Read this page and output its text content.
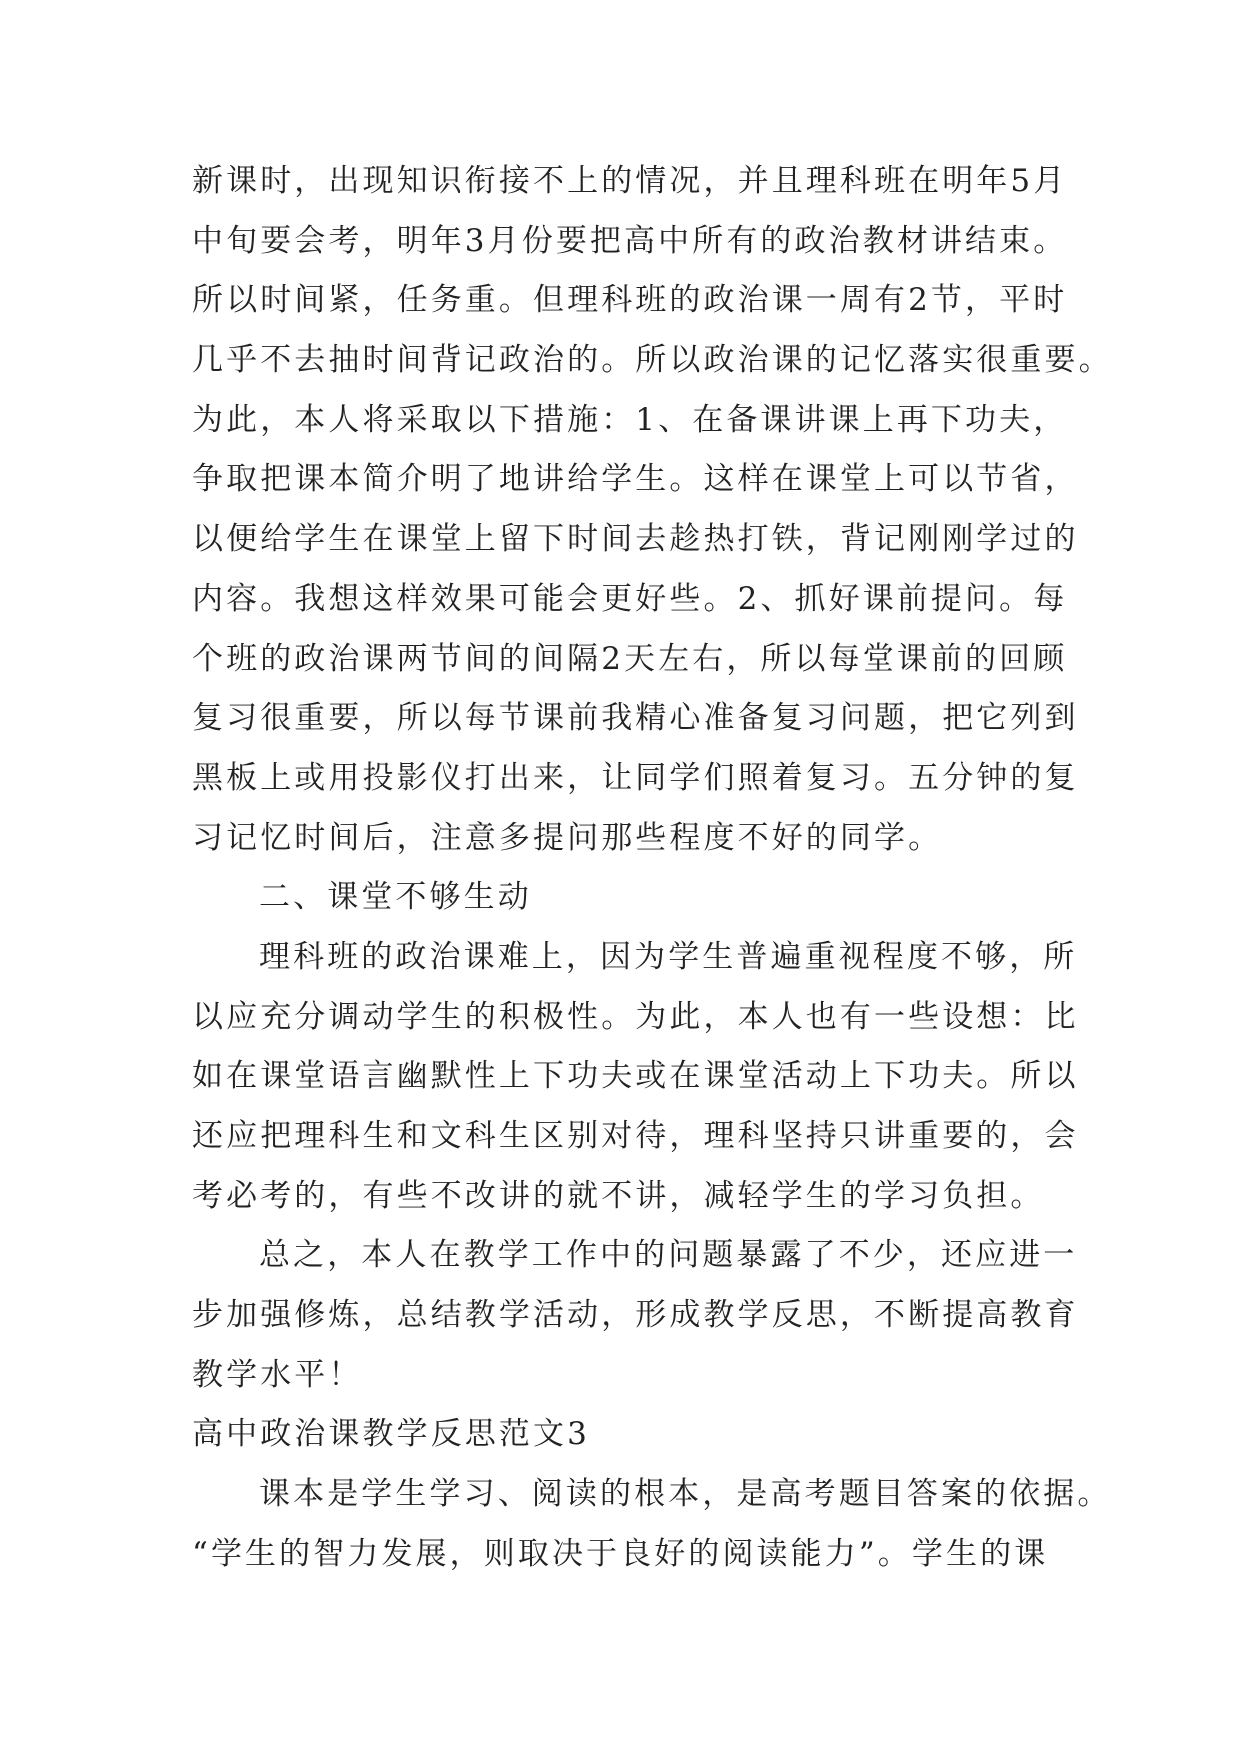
新课时，出现知识衔接不上的情况，并且理科班在明年5月
中旬要会考，明年3月份要把高中所有的政治教材讲结束。
所以时间紧，任务重。但理科班的政治课一周有2节，平时
几乎不去抽时间背记政治的。所以政治课的记忆落实很重要。
为此，本人将采取以下措施：1、在备课讲课上再下功夫，
争取把课本简介明了地讲给学生。这样在课堂上可以节省，
以便给学生在课堂上留下时间去趁热打铁，背记刚刚学过的
内容。我想这样效果可能会更好些。2、抓好课前提问。每
个班的政治课两节间的间隔2天左右，所以每堂课前的回顾
复习很重要，所以每节课前我精心准备复习问题，把它列到
黑板上或用投影仪打出来，让同学们照着复习。五分钟的复
习记忆时间后，注意多提问那些程度不好的同学。
二、课堂不够生动
理科班的政治课难上，因为学生普遍重视程度不够，所
以应充分调动学生的积极性。为此，本人也有一些设想：比
如在课堂语言幽默性上下功夫或在课堂活动上下功夫。所以
还应把理科生和文科生区别对待，理科坚持只讲重要的，会
考必考的，有些不改讲的就不讲，减轻学生的学习负担。
总之，本人在教学工作中的问题暴露了不少，还应进一
步加强修炼，总结教学活动，形成教学反思，不断提高教育
教学水平！
高中政治课教学反思范文3
课本是学生学习、阅读的根本，是高考题目答案的依据。
“学生的智力发展，则取决于良好的阅读能力”。学生的课
